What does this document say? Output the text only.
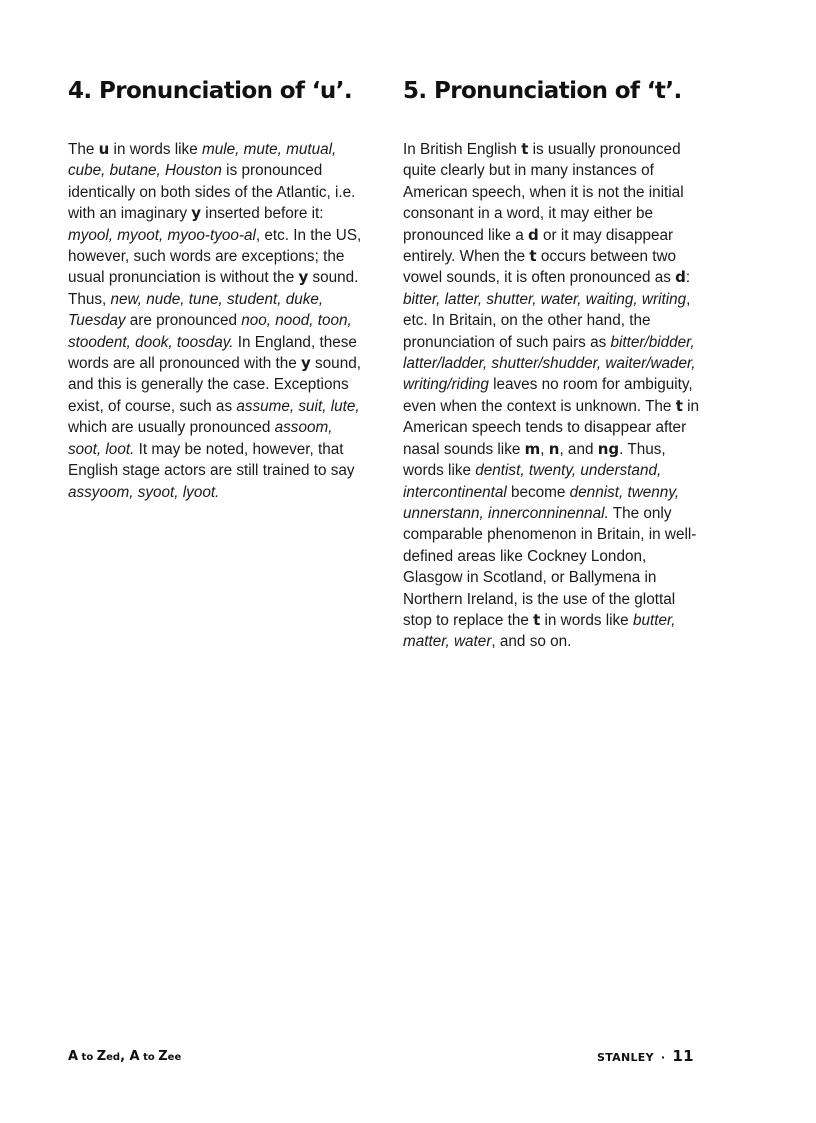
4. Pronunciation of ‘u’.

The u in words like mule, mute, mutual, cube, butane, Houston is pronounced identically on both sides of the Atlantic, i.e. with an imaginary y inserted before it: myool, myoot, myoo-tyoo-al, etc. In the US, however, such words are exceptions; the usual pronunciation is without the y sound. Thus, new, nude, tune, student, duke, Tuesday are pronounced noo, nood, toon, stoodent, dook, toosday. In England, these words are all pronounced with the y sound, and this is generally the case. Exceptions exist, of course, such as assume, suit, lute, which are usually pronounced assoom, soot, loot. It may be noted, however, that English stage actors are still trained to say assyoom, syoot, lyoot.

5. Pronunciation of ‘t’.

In British English t is usually pronounced quite clearly but in many instances of American speech, when it is not the initial consonant in a word, it may either be pronounced like a d or it may disappear entirely. When the t occurs between two vowel sounds, it is often pronounced as d: bitter, latter, shutter, water, waiting, writing, etc. In Britain, on the other hand, the pronunciation of such pairs as bitter/bidder, latter/ladder, shutter/shudder, waiter/wader, writing/riding leaves no room for ambiguity, even when the context is unknown. The t in American speech tends to disappear after nasal sounds like m, n, and ng. Thus, words like dentist, twenty, understand, intercontinental become dennist, twenny, unnerstann, innerconninennal. The only comparable phenomenon in Britain, in well-defined areas like Cockney London, Glasgow in Scotland, or Ballymena in Northern Ireland, is the use of the glottal stop to replace the t in words like butter, matter, water, and so on.

A to Zed, A to Zee	STANLEY · 11
